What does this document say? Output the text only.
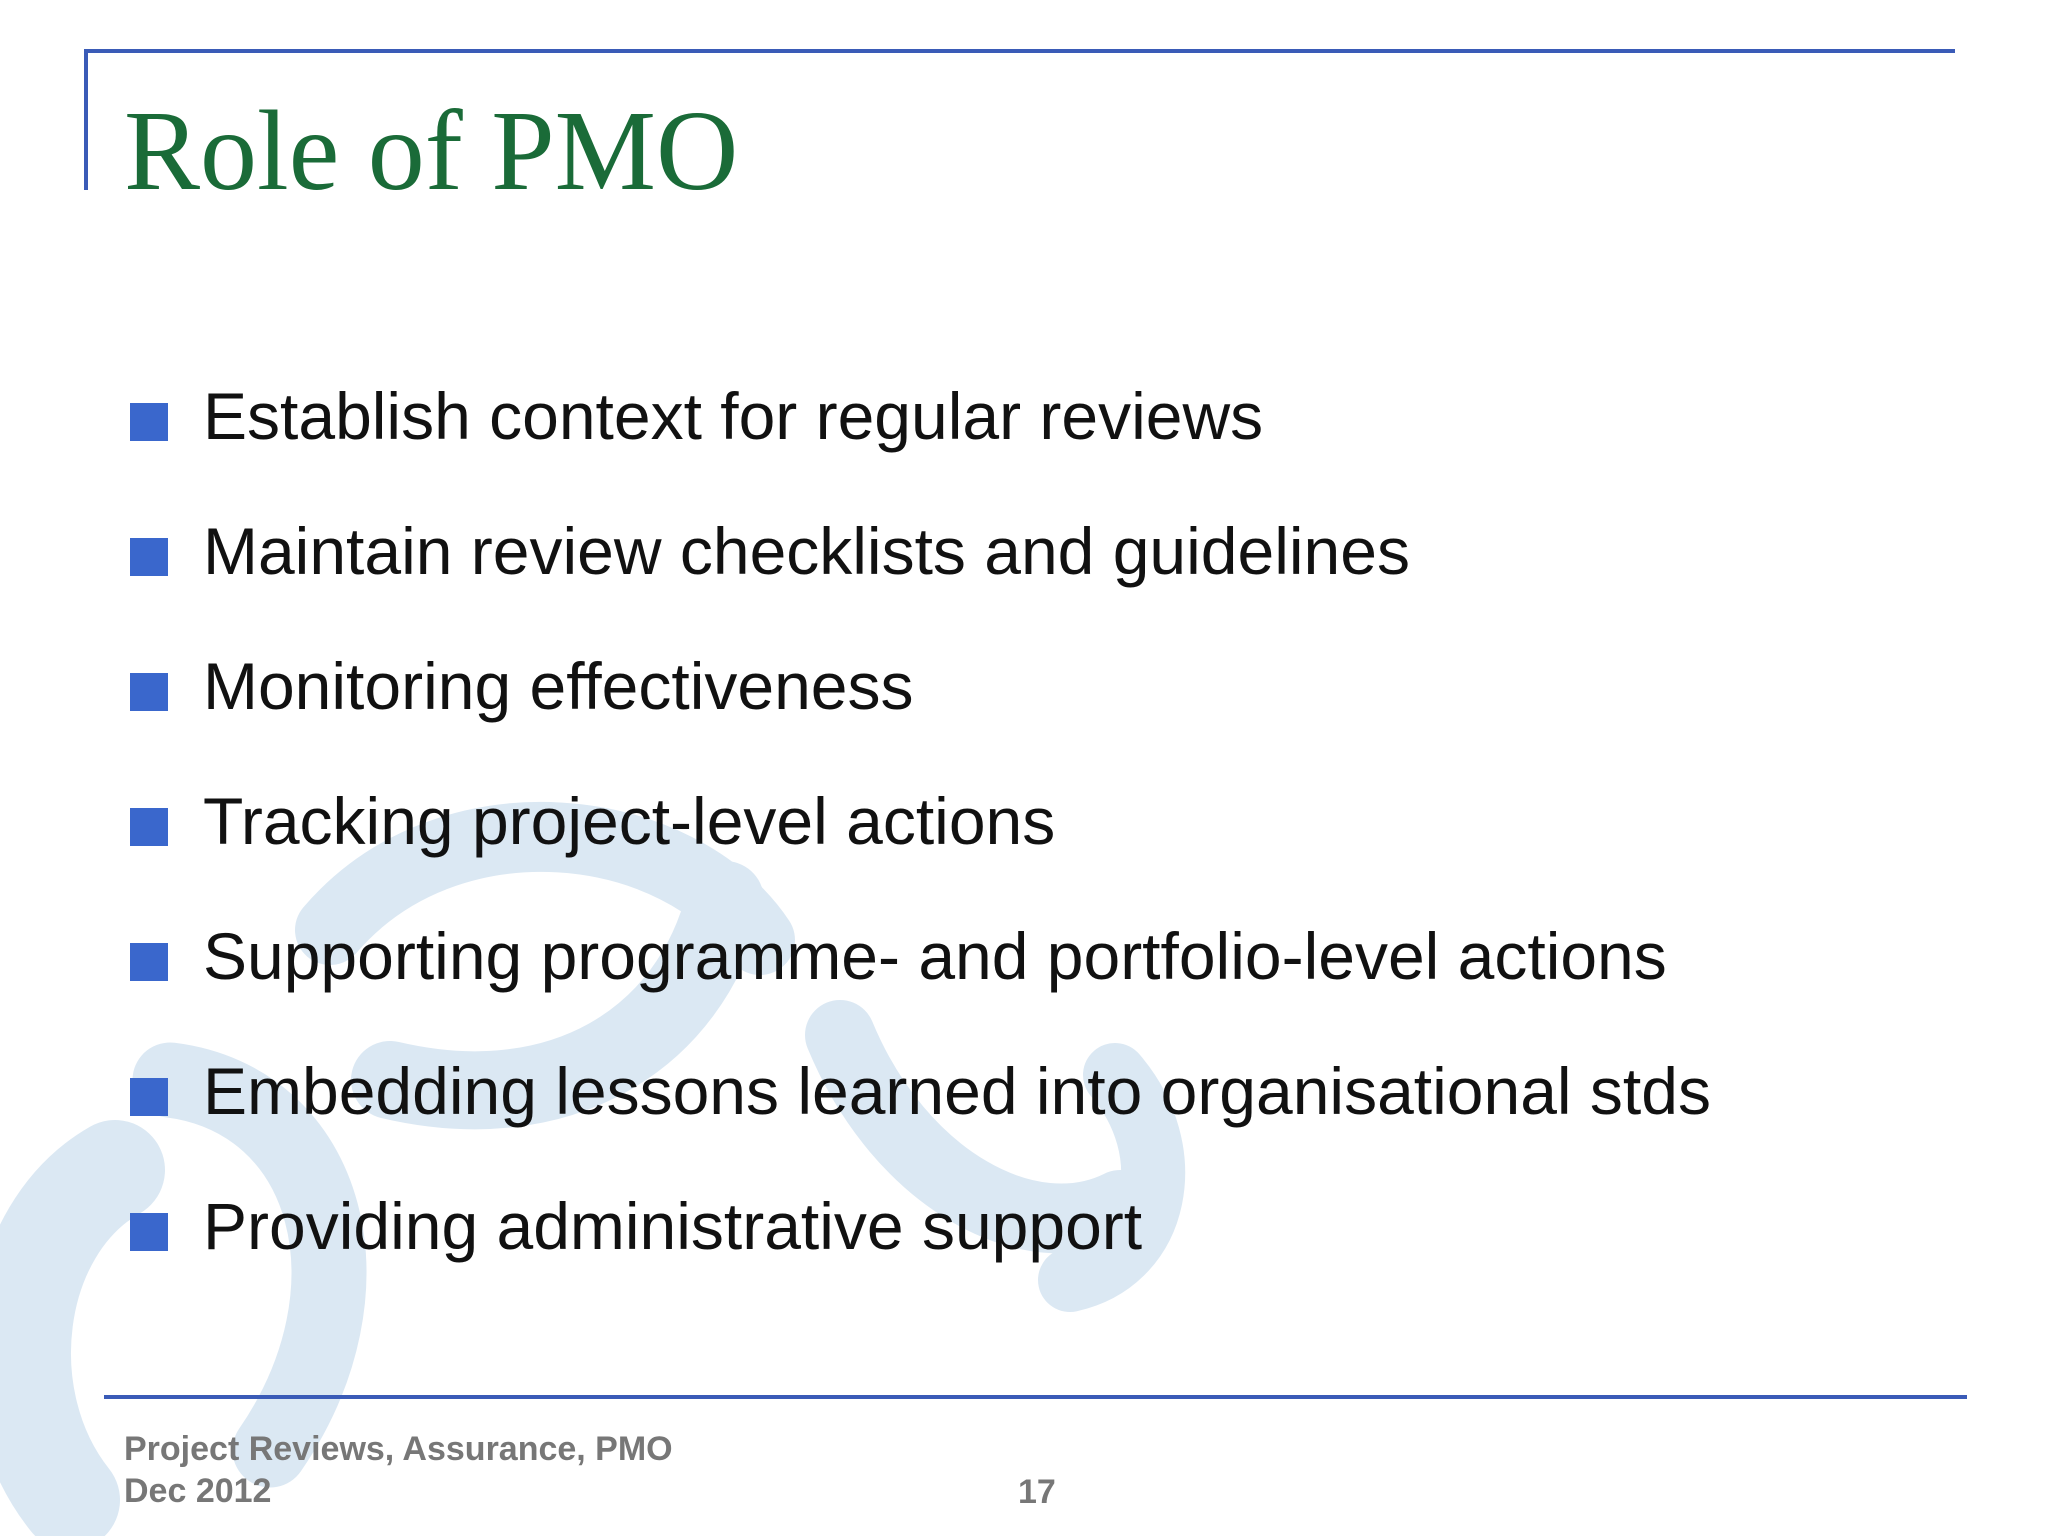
Role of PMO
Establish context for regular reviews
Maintain review checklists and guidelines
Monitoring effectiveness
Tracking project-level actions
Supporting programme- and portfolio-level actions
Embedding lessons learned into organisational stds
Providing administrative support
Project Reviews, Assurance, PMO
Dec 2012	17
